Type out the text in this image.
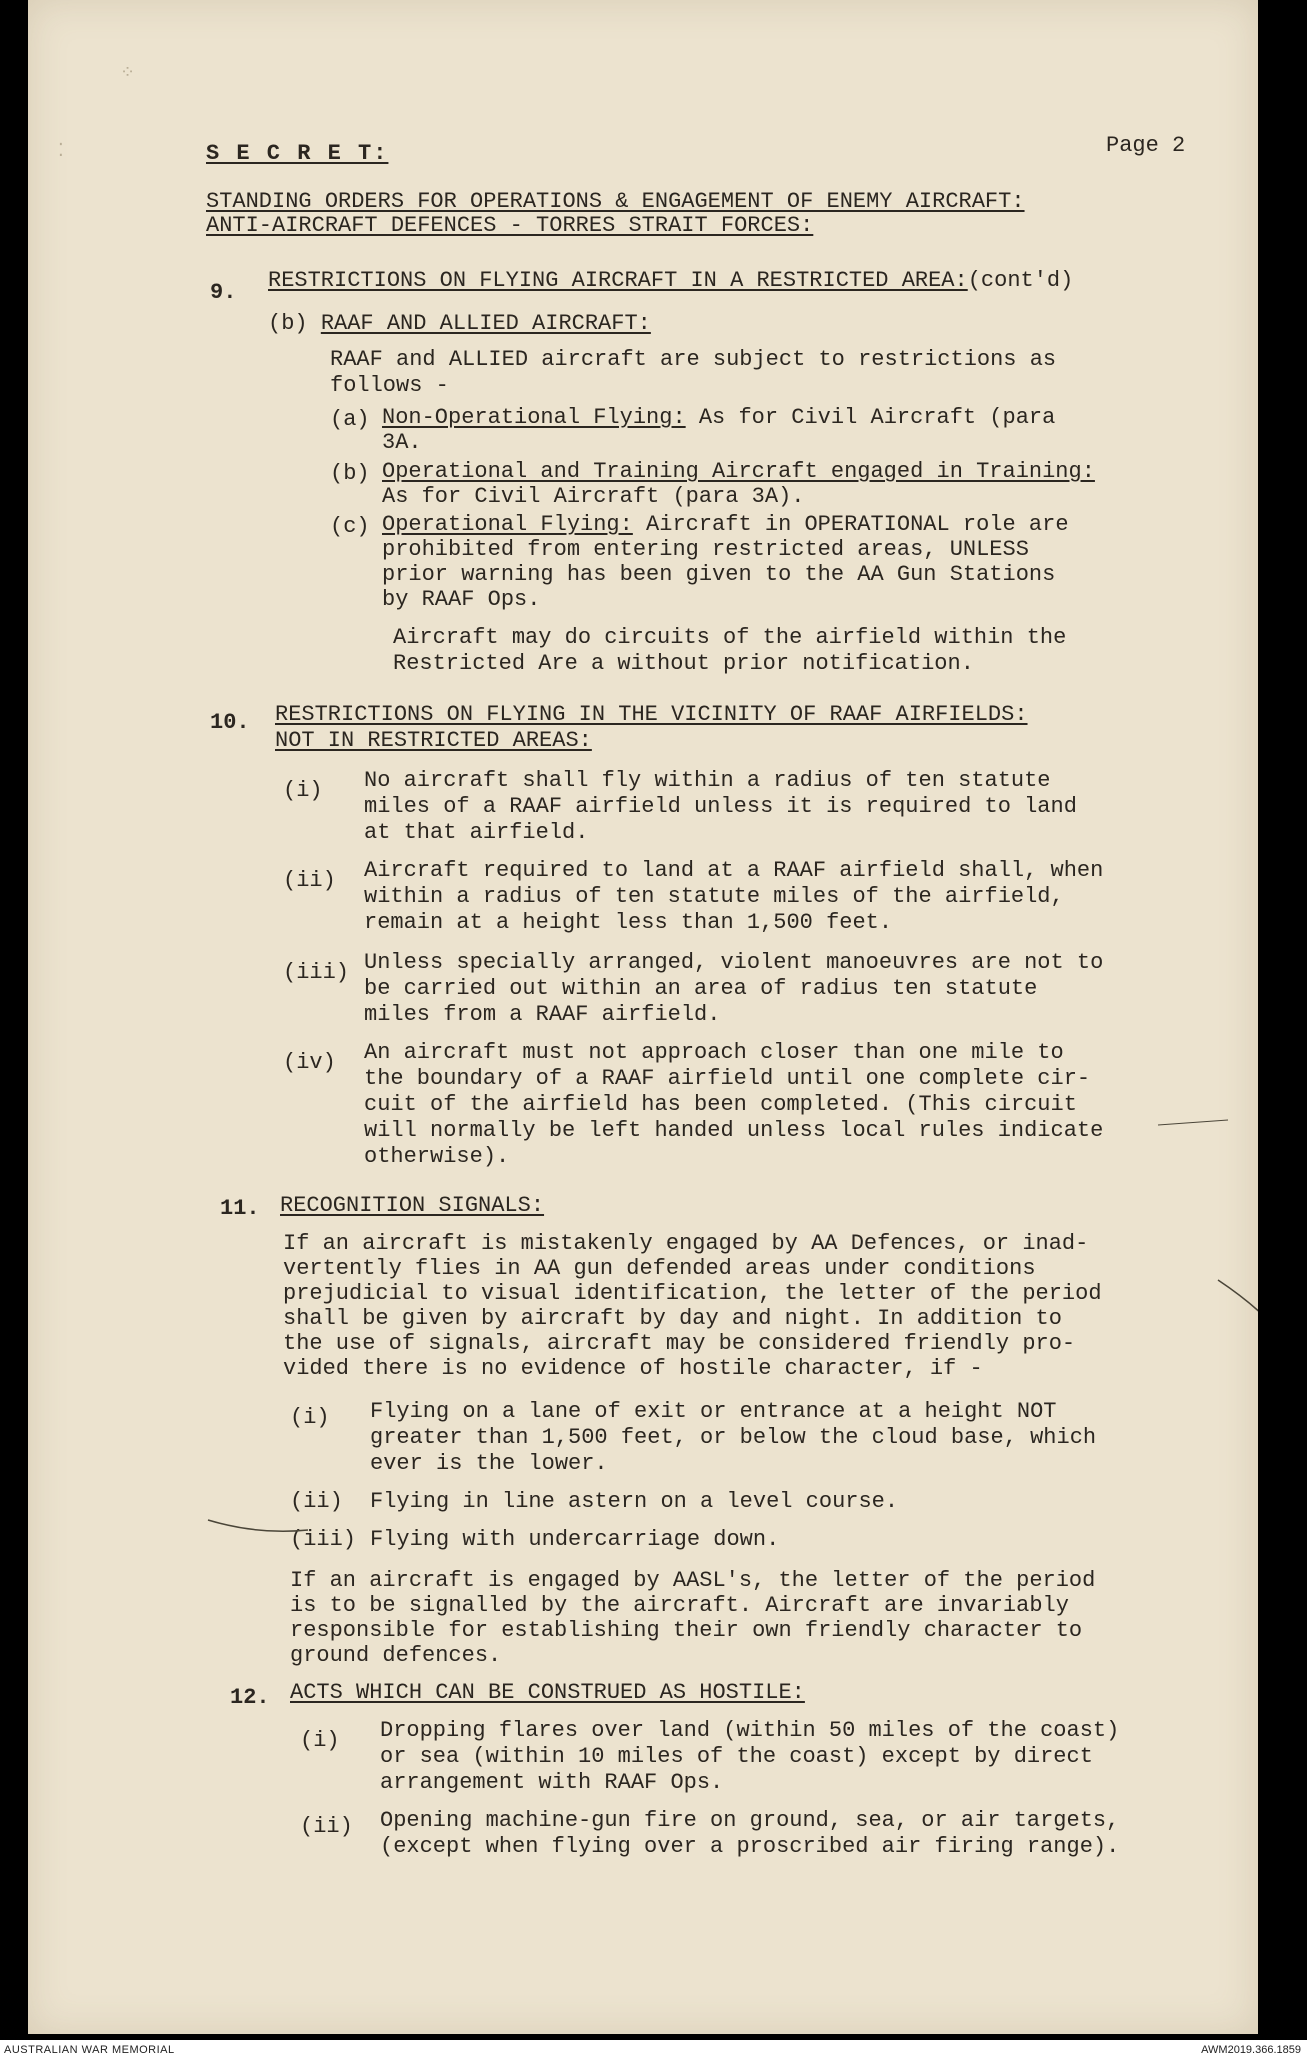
⁘
⁚	S E C R E T:	Page 2
STANDING ORDERS FOR OPERATIONS & ENGAGEMENT OF ENEMY AIRCRAFT:
ANTI-AIRCRAFT DEFENCES - TORRES STRAIT FORCES:
9. RESTRICTIONS ON FLYING AIRCRAFT IN A RESTRICTED AREA:(cont'd)
(b) RAAF AND ALLIED AIRCRAFT:
RAAF and ALLIED aircraft are subject to restrictions as
follows -
(a) Non-Operational Flying: As for Civil Aircraft (para
3A.
(b) Operational and Training Aircraft engaged in Training:
As for Civil Aircraft (para 3A).
(c) Operational Flying: Aircraft in OPERATIONAL role are
prohibited from entering restricted areas, UNLESS
prior warning has been given to the AA Gun Stations
by RAAF Ops.
Aircraft may do circuits of the airfield within the
Restricted Are a without prior notification.
10. RESTRICTIONS ON FLYING IN THE VICINITY OF RAAF AIRFIELDS:
NOT IN RESTRICTED AREAS:
(i) No aircraft shall fly within a radius of ten statute
miles of a RAAF airfield unless it is required to land
at that airfield.
(ii) Aircraft required to land at a RAAF airfield shall, when
within a radius of ten statute miles of the airfield,
remain at a height less than 1,500 feet.
(iii) Unless specially arranged, violent manoeuvres are not to
be carried out within an area of radius ten statute
miles from a RAAF airfield.
(iv) An aircraft must not approach closer than one mile to
the boundary of a RAAF airfield until one complete cir-
cuit of the airfield has been completed. (This circuit
will normally be left handed unless local rules indicate
otherwise).
11. RECOGNITION SIGNALS:
If an aircraft is mistakenly engaged by AA Defences, or inad-
vertently flies in AA gun defended areas under conditions
prejudicial to visual identification, the letter of the period
shall be given by aircraft by day and night. In addition to
the use of signals, aircraft may be considered friendly pro-
vided there is no evidence of hostile character, if -
(i) Flying on a lane of exit or entrance at a height NOT
greater than 1,500 feet, or below the cloud base, which
ever is the lower.
(ii) Flying in line astern on a level course.
(iii) Flying with undercarriage down.
If an aircraft is engaged by AASL's, the letter of the period
is to be signalled by the aircraft. Aircraft are invariably
responsible for establishing their own friendly character to
ground defences.
12. ACTS WHICH CAN BE CONSTRUED AS HOSTILE:
(i) Dropping flares over land (within 50 miles of the coast)
or sea (within 10 miles of the coast) except by direct
arrangement with RAAF Ops.
(ii) Opening machine-gun fire on ground, sea, or air targets,
(except when flying over a proscribed air firing range).
AUSTRALIAN WAR MEMORIAL	AWM2019.366.1859
